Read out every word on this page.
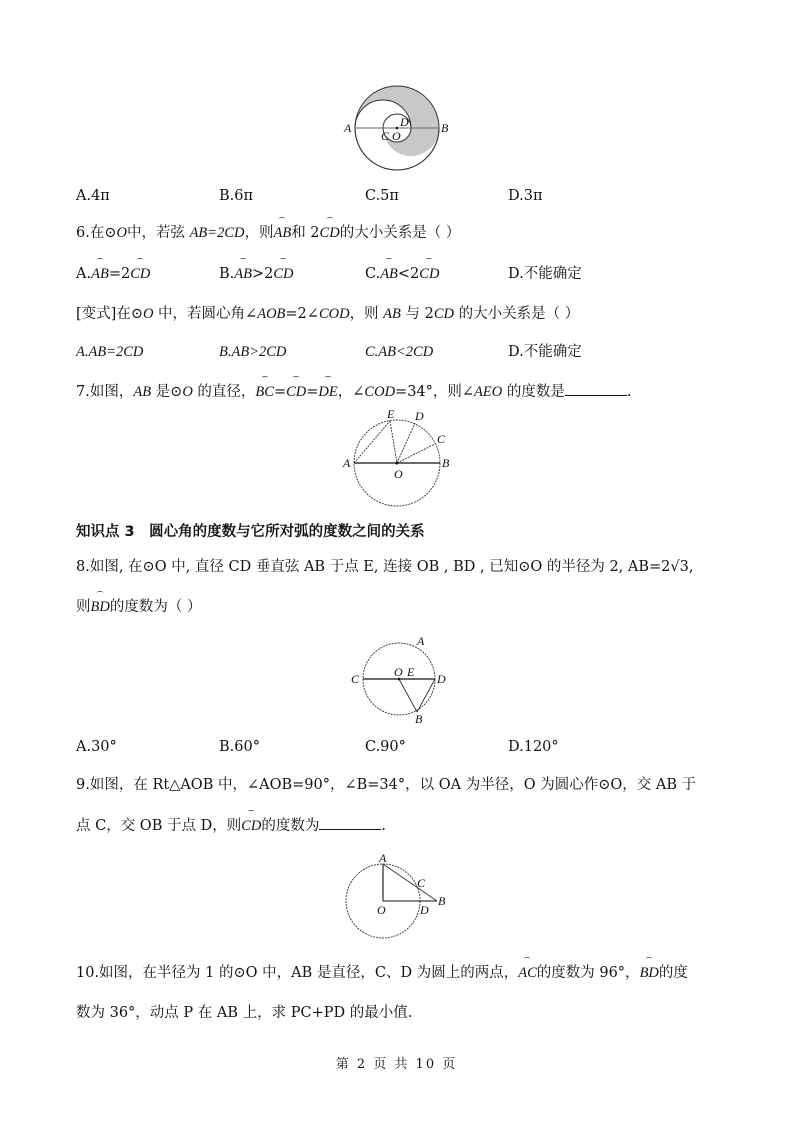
A
C O
D	B
A.4π	B.6π	C.5π	D.3π
6.在⊙O中，若弦 AB=2CD，则⌒ AB和 2⌒ CD的大小关系是（ ）
A.⌒ AB=2⌒ CD	B.⌒ AB>2⌒ CD	C.⌒ AB<2⌒ CD	D.不能确定
[变式]在⊙O 中，若圆心角∠AOB=2∠COD，则 AB 与 2CD 的大小关系是（ ）
A.AB=2CD	B.AB>2CD	C.AB<2CD	D.不能确定
7.如图，AB 是⊙O 的直径，⌒ BC=⌒ CD=⌒ DE，∠COD=34°，则∠AEO 的度数是	.
E D
C
A
O
B
知识点 3　圆心角的度数与它所对弧的度数之间的关系
8.如图, 在⊙O 中, 直径 CD 垂直弦 AB 于点 E, 连接 OB , BD , 已知⊙O 的半径为 2, AB=2√3,
则⌒ BD的度数为（ ）
A
C	O E D
B
A.30°	B.60°	C.90°	D.120°
9.如图，在 Rt△AOB 中，∠AOB=90°，∠B=34°，以 OA 为半径，O 为圆心作⊙O，交 AB 于
点 C，交 OB 于点 D，则⌒ CD的度数为	.
A
C
O	D
B
10.如图，在半径为 1 的⊙O 中，AB 是直径，C、D 为圆上的两点，⌒ AC的度数为 96°，⌒ BD的度
数为 36°，动点 P 在 AB 上，求 PC+PD 的最小值.
第 2 页 共 10 页
